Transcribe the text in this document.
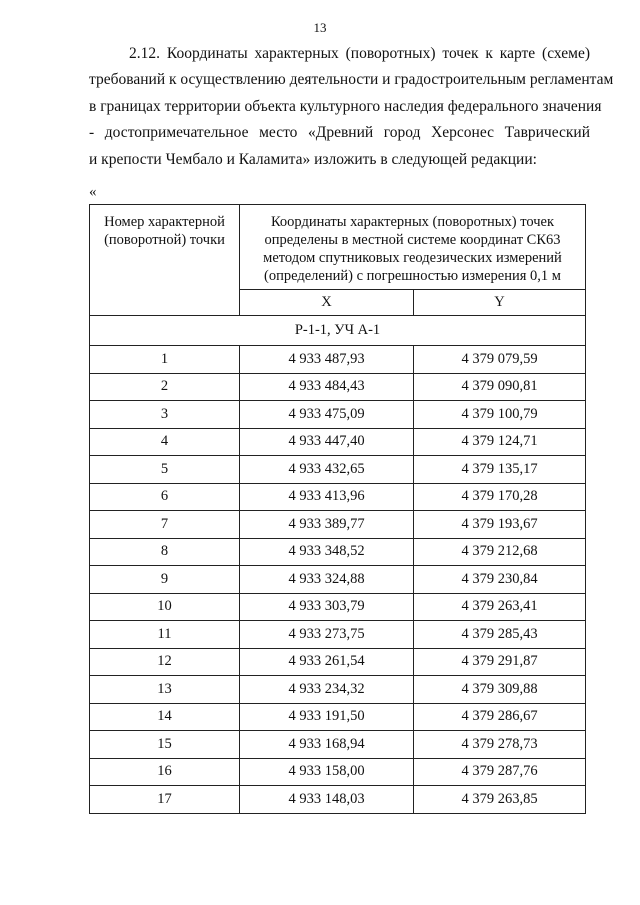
13
2.12. Координаты характерных (поворотных) точек к карте (схеме)
требований к осуществлению деятельности и градостроительным регламентам
в границах территории объекта культурного наследия федерального значения
- достопримечательное место «Древний город Херсонес Таврический
и крепости Чембало и Каламита» изложить в следующей редакции:
«
Номер характерной (поворотной) точки	Координаты характерных (поворотных) точек определены в местной системе координат СК63 методом спутниковых геодезических измерений (определений) с погрешностью измерения 0,1 м	
	X	Y
Р-1-1, УЧ А-1		
1	4 933 487,93	4 379 079,59
2	4 933 484,43	4 379 090,81
3	4 933 475,09	4 379 100,79
4	4 933 447,40	4 379 124,71
5	4 933 432,65	4 379 135,17
6	4 933 413,96	4 379 170,28
7	4 933 389,77	4 379 193,67
8	4 933 348,52	4 379 212,68
9	4 933 324,88	4 379 230,84
10	4 933 303,79	4 379 263,41
11	4 933 273,75	4 379 285,43
12	4 933 261,54	4 379 291,87
13	4 933 234,32	4 379 309,88
14	4 933 191,50	4 379 286,67
15	4 933 168,94	4 379 278,73
16	4 933 158,00	4 379 287,76
17	4 933 148,03	4 379 263,85
